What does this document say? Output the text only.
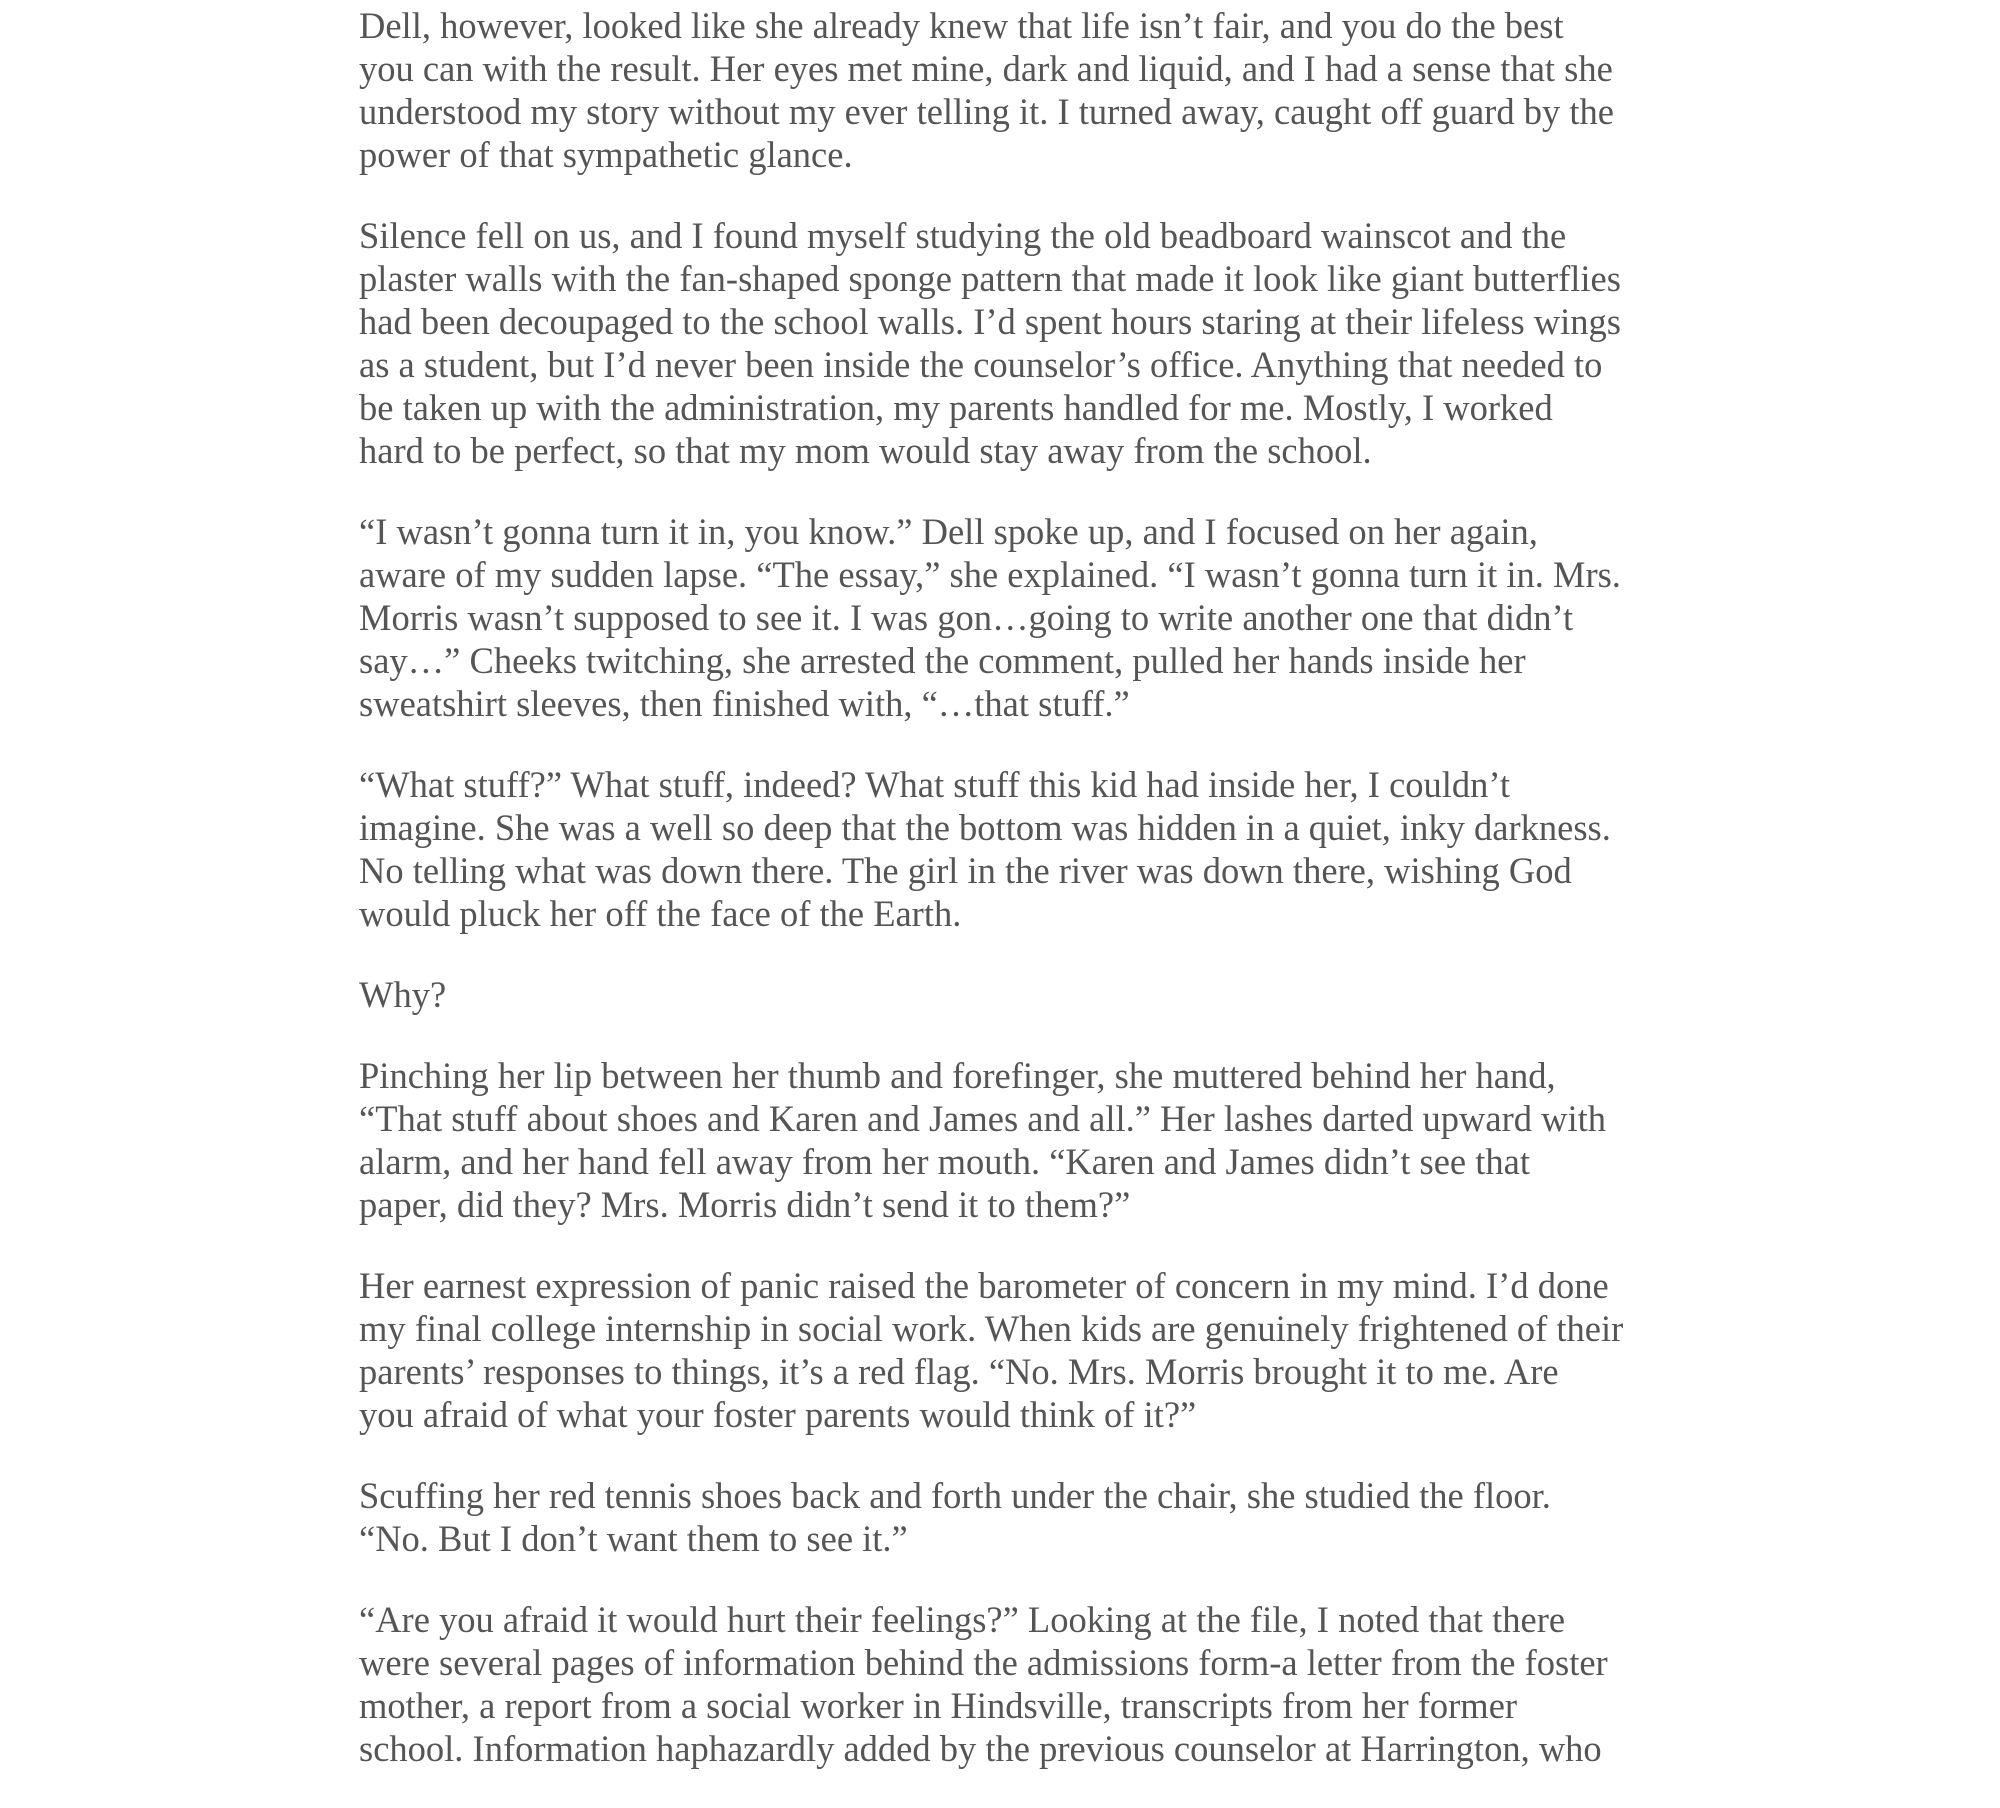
Dell, however, looked like she already knew that life isn’t fair, and you do the best
you can with the result. Her eyes met mine, dark and liquid, and I had a sense that she
understood my story without my ever telling it. I turned away, caught off guard by the
power of that sympathetic glance.

Silence fell on us, and I found myself studying the old beadboard wainscot and the
plaster walls with the fan-shaped sponge pattern that made it look like giant butterflies
had been decoupaged to the school walls. I’d spent hours staring at their lifeless wings
as a student, but I’d never been inside the counselor’s office. Anything that needed to
be taken up with the administration, my parents handled for me. Mostly, I worked
hard to be perfect, so that my mom would stay away from the school.

“I wasn’t gonna turn it in, you know.” Dell spoke up, and I focused on her again,
aware of my sudden lapse. “The essay,” she explained. “I wasn’t gonna turn it in. Mrs.
Morris wasn’t supposed to see it. I was gon…going to write another one that didn’t
say…” Cheeks twitching, she arrested the comment, pulled her hands inside her
sweatshirt sleeves, then finished with, “…that stuff.”

“What stuff?” What stuff, indeed? What stuff this kid had inside her, I couldn’t
imagine. She was a well so deep that the bottom was hidden in a quiet, inky darkness.
No telling what was down there. The girl in the river was down there, wishing God
would pluck her off the face of the Earth.

Why?

Pinching her lip between her thumb and forefinger, she muttered behind her hand,
“That stuff about shoes and Karen and James and all.” Her lashes darted upward with
alarm, and her hand fell away from her mouth. “Karen and James didn’t see that
paper, did they? Mrs. Morris didn’t send it to them?”

Her earnest expression of panic raised the barometer of concern in my mind. I’d done
my final college internship in social work. When kids are genuinely frightened of their
parents’ responses to things, it’s a red flag. “No. Mrs. Morris brought it to me. Are
you afraid of what your foster parents would think of it?”

Scuffing her red tennis shoes back and forth under the chair, she studied the floor.
“No. But I don’t want them to see it.”

“Are you afraid it would hurt their feelings?” Looking at the file, I noted that there
were several pages of information behind the admissions form-a letter from the foster
mother, a report from a social worker in Hindsville, transcripts from her former
school. Information haphazardly added by the previous counselor at Harrington, who
